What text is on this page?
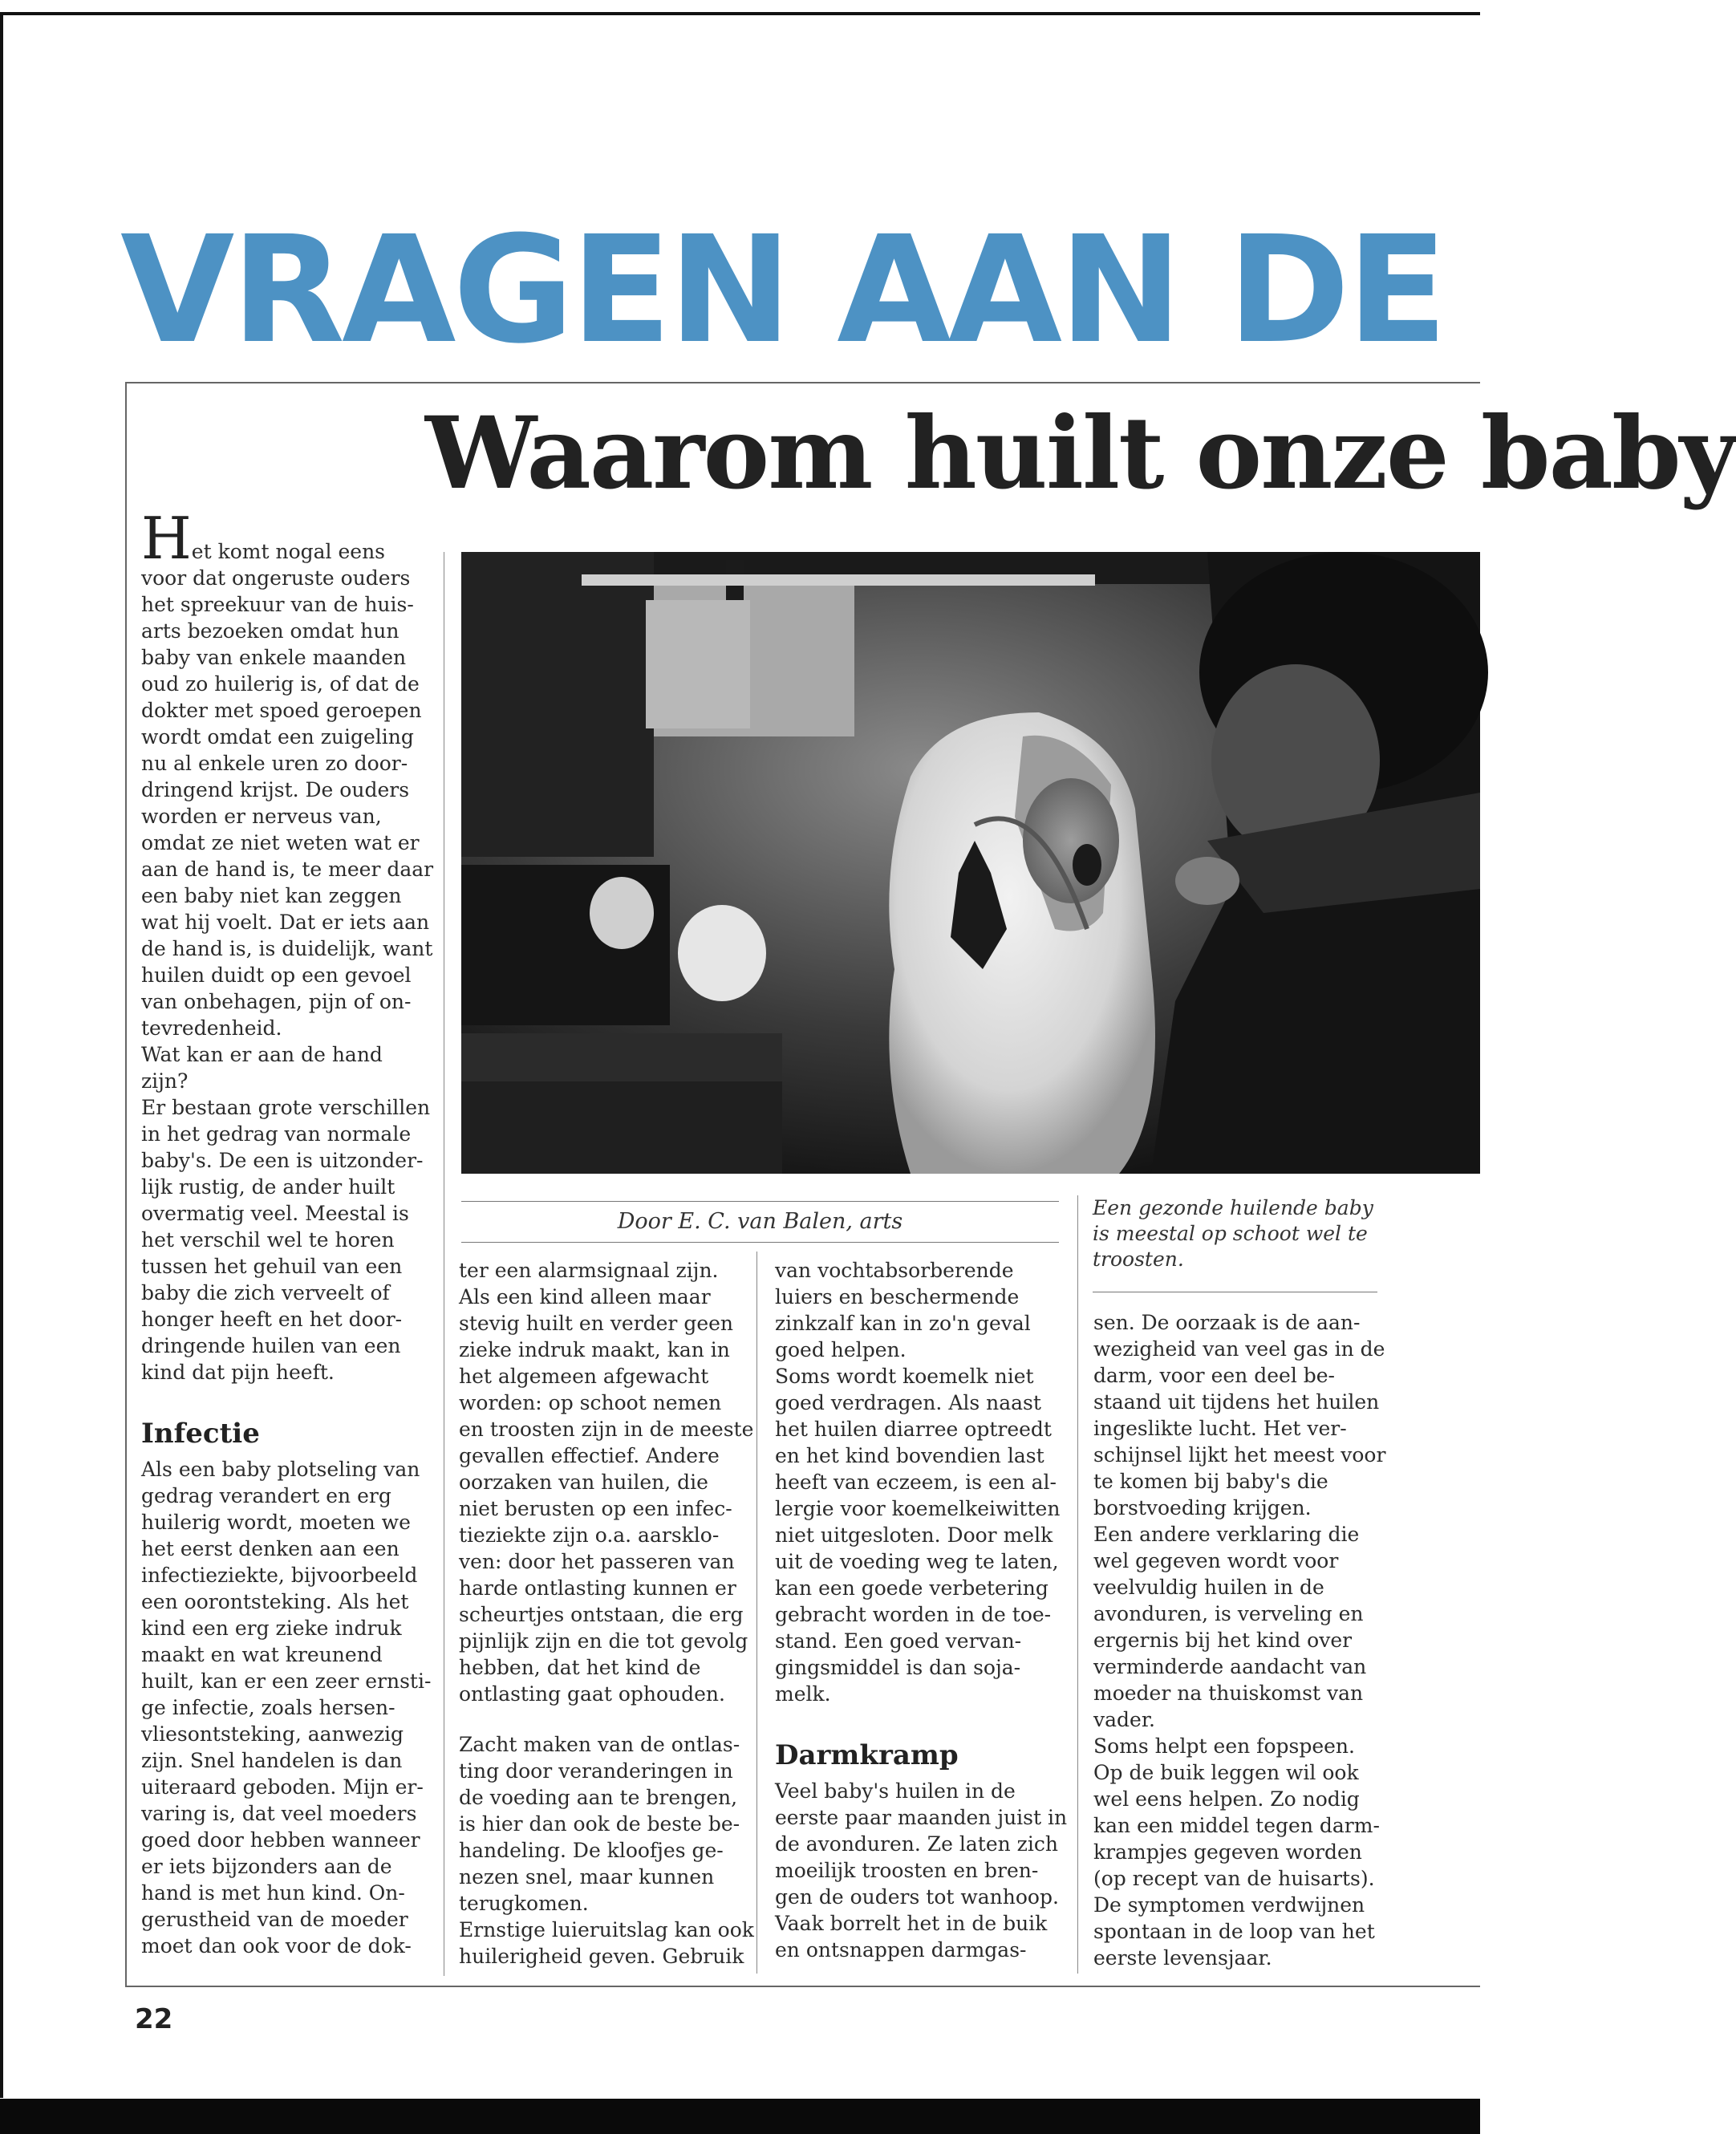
VRAGEN AAN DE
Waarom huilt onze baby
Door E. C. van Balen, arts
Een gezonde huilende baby
is meestal op schoot wel te
troosten.

Het komt nogal eens

voor dat ongeruste ouders

het spreekuur van de huis-

arts bezoeken omdat hun

baby van enkele maanden

oud zo huilerig is, of dat de

dokter met spoed geroepen

wordt omdat een zuigeling

nu al enkele uren zo door-

dringend krijst. De ouders

worden er nerveus van,

omdat ze niet weten wat er

aan de hand is, te meer daar

een baby niet kan zeggen

wat hij voelt. Dat er iets aan

de hand is, is duidelijk, want

huilen duidt op een gevoel

van onbehagen, pijn of on-

tevredenheid.

Wat kan er aan de hand

zijn?

Er bestaan grote verschillen

in het gedrag van normale

baby's. De een is uitzonder-

lijk rustig, de ander huilt

overmatig veel. Meestal is

het verschil wel te horen

tussen het gehuil van een

baby die zich verveelt of

honger heeft en het door-

dringende huilen van een

kind dat pijn heeft.

Infectie

Als een baby plotseling van

gedrag verandert en erg

huilerig wordt, moeten we

het eerst denken aan een

infectieziekte, bijvoorbeeld

een oorontsteking. Als het

kind een erg zieke indruk

maakt en wat kreunend

huilt, kan er een zeer ernsti-

ge infectie, zoals hersen-

vliesontsteking, aanwezig

zijn. Snel handelen is dan

uiteraard geboden. Mijn er-

varing is, dat veel moeders

goed door hebben wanneer

er iets bijzonders aan de

hand is met hun kind. On-

gerustheid van de moeder

moet dan ook voor de dok-

ter een alarmsignaal zijn.

Als een kind alleen maar

stevig huilt en verder geen

zieke indruk maakt, kan in

het algemeen afgewacht

worden: op schoot nemen

en troosten zijn in de meeste

gevallen effectief. Andere

oorzaken van huilen, die

niet berusten op een infec-

tieziekte zijn o.a. aarsklo-

ven: door het passeren van

harde ontlasting kunnen er

scheurtjes ontstaan, die erg

pijnlijk zijn en die tot gevolg

hebben, dat het kind de

ontlasting gaat ophouden.

Zacht maken van de ontlas-

ting door veranderingen in

de voeding aan te brengen,

is hier dan ook de beste be-

handeling. De kloofjes ge-

nezen snel, maar kunnen

terugkomen.

Ernstige luieruitslag kan ook

huilerigheid geven. Gebruik

van vochtabsorberende

luiers en beschermende

zinkzalf kan in zo'n geval

goed helpen.

Soms wordt koemelk niet

goed verdragen. Als naast

het huilen diarree optreedt

en het kind bovendien last

heeft van eczeem, is een al-

lergie voor koemelkeiwitten

niet uitgesloten. Door melk

uit de voeding weg te laten,

kan een goede verbetering

gebracht worden in de toe-

stand. Een goed vervan-

gingsmiddel is dan soja-

melk.

Darmkramp

Veel baby's huilen in de

eerste paar maanden juist in

de avonduren. Ze laten zich

moeilijk troosten en bren-

gen de ouders tot wanhoop.

Vaak borrelt het in de buik

en ontsnappen darmgas-

sen. De oorzaak is de aan-

wezigheid van veel gas in de

darm, voor een deel be-

staand uit tijdens het huilen

ingeslikte lucht. Het ver-

schijnsel lijkt het meest voor

te komen bij baby's die

borstvoeding krijgen.

Een andere verklaring die

wel gegeven wordt voor

veelvuldig huilen in de

avonduren, is verveling en

ergernis bij het kind over

verminderde aandacht van

moeder na thuiskomst van

vader.

Soms helpt een fopspeen.

Op de buik leggen wil ook

wel eens helpen. Zo nodig

kan een middel tegen darm-

krampjes gegeven worden

(op recept van de huisarts).

De symptomen verdwijnen

spontaan in de loop van het

eerste levensjaar.

22
